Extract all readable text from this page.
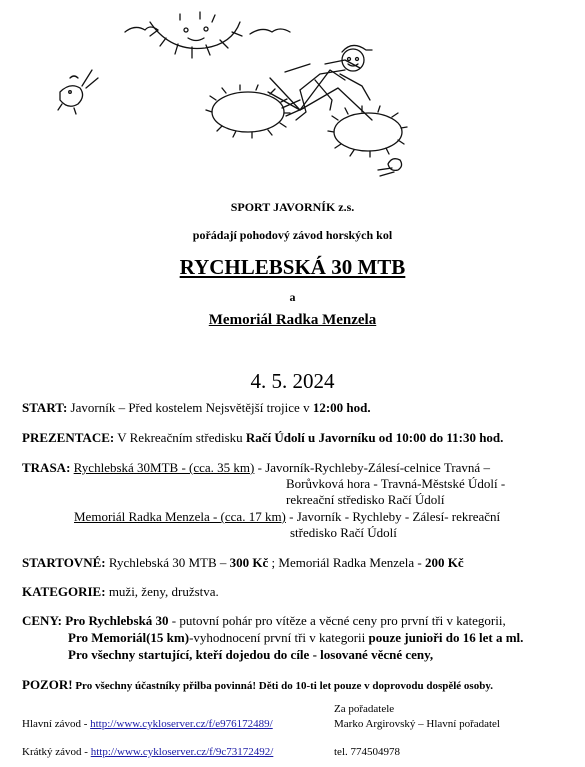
SPORT JAVORNÍK z.s.
pořádají pohodový závod horských kol
RYCHLEBSKÁ 30 MTB
a
Memoriál Radka Menzela
4. 5. 2024
START: Javorník – Před kostelem Nejsvětější trojice v 12:00 hod.
PREZENTACE: V Rekreačním středisku Račí Údolí u Javorníku od 10:00 do 11:30 hod.
TRASA: Rychlebská 30MTB - (cca. 35 km) - Javorník-Rychleby-Zálesí-celnice Travná –
Borůvková hora - Travná-Městské Údolí -
rekreační středisko Račí Údolí
Memoriál Radka Menzela - (cca. 17 km) - Javorník - Rychleby - Zálesí- rekreační
středisko Račí Údolí
STARTOVNÉ: Rychlebská 30 MTB – 300 Kč ; Memoriál Radka Menzela - 200 Kč
KATEGORIE: muži, ženy, družstva.
CENY: Pro Rychlebská 30 - putovní pohár pro vítěze a věcné ceny pro první tři v kategorii,
Pro Memoriál(15 km)-vyhodnocení první tři v kategorii pouze junioři do 16 let a ml.
Pro všechny startující, kteří dojedou do cíle - losované věcné ceny,
POZOR! Pro všechny účastníky přilba povinná! Děti do 10-ti let pouze v doprovodu dospělé osoby.
Za pořadatele
Hlavní závod - http://www.cykloserver.cz/f/e976172489/	Marko Argirovský – Hlavní pořadatel
Krátký závod - http://www.cykloserver.cz/f/9c73172492/	tel. 774504978
